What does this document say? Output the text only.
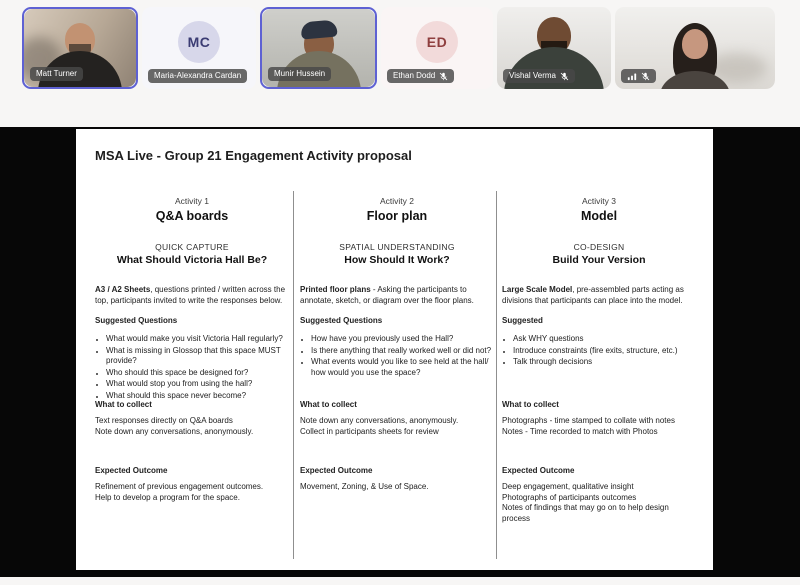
Matt Turner
MC
Maria-Alexandra Cardan	Munir Hussein
ED
Ethan Dodd	Vishal Verma
MSA Live - Group 21 Engagement Activity proposal
Activity 1
Q&A boards
QUICK CAPTURE
What Should Victoria Hall Be?

A3 / A2 Sheets, questions printed / written across the top, participants invited to write the responses below.

Suggested Questions
• What would make you visit Victoria Hall regularly?
• What is missing in Glossop that this space MUST provide?
• Who should this space be designed for?
• What would stop you from using the hall?
• What should this space never become?
What to collect
Text responses directly on Q&A boards
Note down any conversations, anonymously.
Expected Outcome
Refinement of previous engagement outcomes.
Help to develop a program for the space.
Activity 2
Floor plan
SPATIAL UNDERSTANDING
How Should It Work?

Printed floor plans - Asking the participants to annotate, sketch, or diagram over the floor plans.

Suggested Questions
• How have you previously used the Hall?
• Is there anything that really worked well or did not?
• What events would you like to see held at the hall/ how would you use the space?
What to collect
Note down any conversations, anonymously.
Collect in participants sheets for review
Expected Outcome
Movement, Zoning, & Use of Space.
Activity 3
Model
CO-DESIGN
Build Your Version

Large Scale Model, pre-assembled parts acting as divisions that participants can place into the model.

Suggested
• Ask WHY questions
• Introduce constraints (fire exits, structure, etc.)
• Talk through decisions
What to collect
Photographs - time stamped to collate with notes
Notes - Time recorded to match with Photos
Expected Outcome
Deep engagement, qualitative insight
Photographs of participants outcomes
Notes of findings that may go on to help design process
